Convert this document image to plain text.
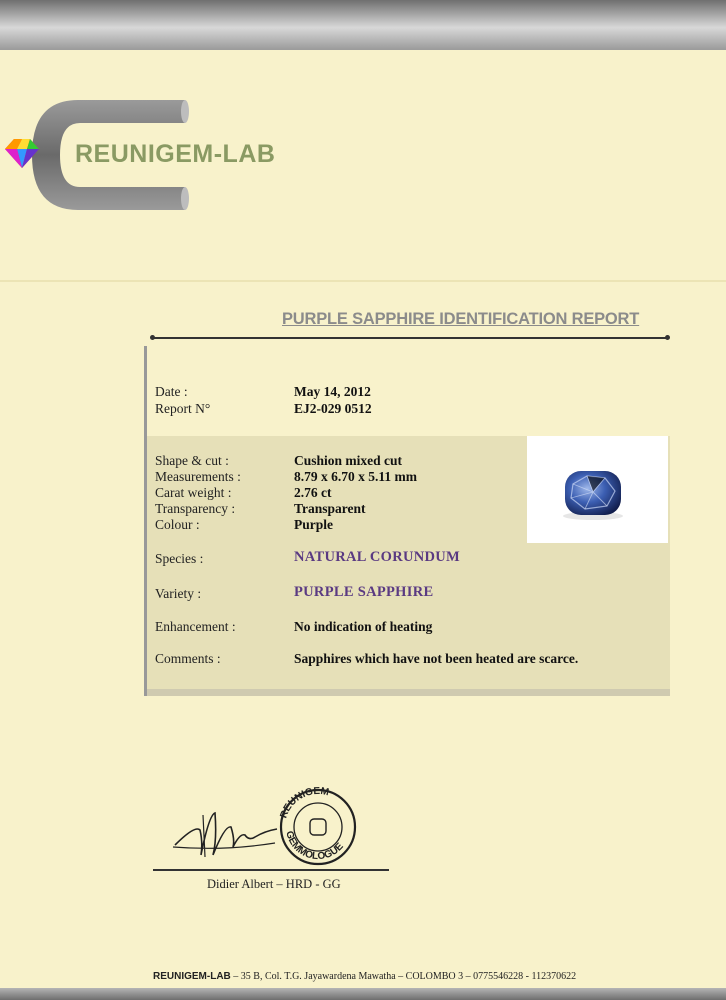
REUNIGEM-LAB
PURPLE SAPPHIRE IDENTIFICATION REPORT
Date :	May 14, 2012
Report N°	EJ2-029 0512
Shape & cut :	Cushion mixed cut
Measurements :	8.79 x 6.70 x 5.11 mm
Carat weight :	2.76 ct
Transparency :	Transparent
Colour :	Purple
Species :	NATURAL CORUNDUM
Variety :	PURPLE SAPPHIRE
Enhancement :	No indication of heating
Comments :	Sapphires which have not been heated are scarce.
REUNIGEM
GEMMOLOGUE
Didier Albert – HRD - GG
REUNIGEM-LAB – 35 B, Col. T.G. Jayawardena Mawatha – COLOMBO 3 – 0775546228 - 112370622
